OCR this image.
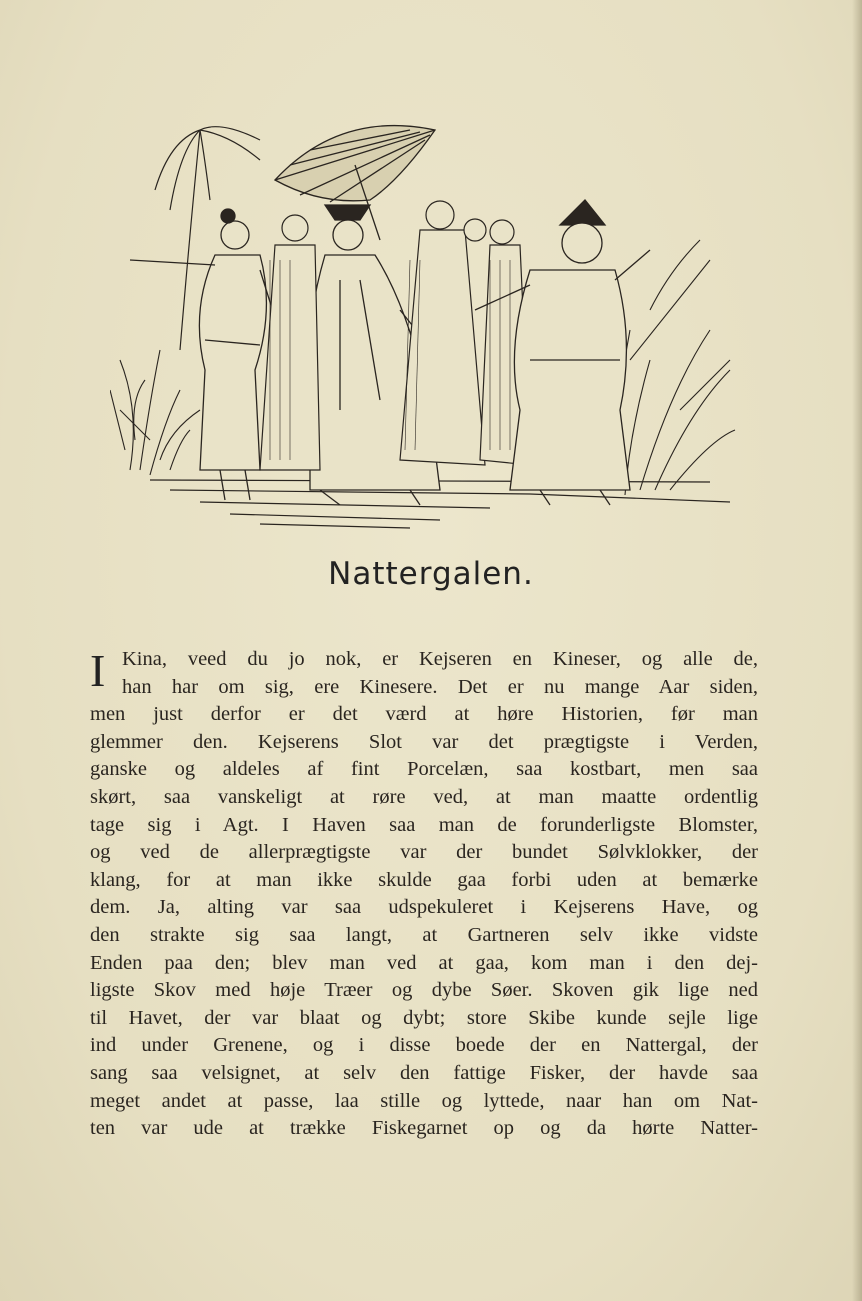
Nattergalen.
I Kina, veed du jo nok, er Kejseren en Kineser, og alle de,
han har om sig, ere Kinesere. Det er nu mange Aar siden,
men just derfor er det værd at høre Historien, før man
glemmer den. Kejserens Slot var det prægtigste i Verden,
ganske og aldeles af fint Porcelæn, saa kostbart, men saa
skørt, saa vanskeligt at røre ved, at man maatte ordentlig
tage sig i Agt. I Haven saa man de forunderligste Blomster,
og ved de allerprægtigste var der bundet Sølvklokker, der
klang, for at man ikke skulde gaa forbi uden at bemærke
dem. Ja, alting var saa udspekuleret i Kejserens Have, og
den strakte sig saa langt, at Gartneren selv ikke vidste
Enden paa den; blev man ved at gaa, kom man i den dej-
ligste Skov med høje Træer og dybe Søer. Skoven gik lige ned
til Havet, der var blaat og dybt; store Skibe kunde sejle lige
ind under Grenene, og i disse boede der en Nattergal, der
sang saa velsignet, at selv den fattige Fisker, der havde saa
meget andet at passe, laa stille og lyttede, naar han om Nat-
ten var ude at trække Fiskegarnet op og da hørte Natter-
